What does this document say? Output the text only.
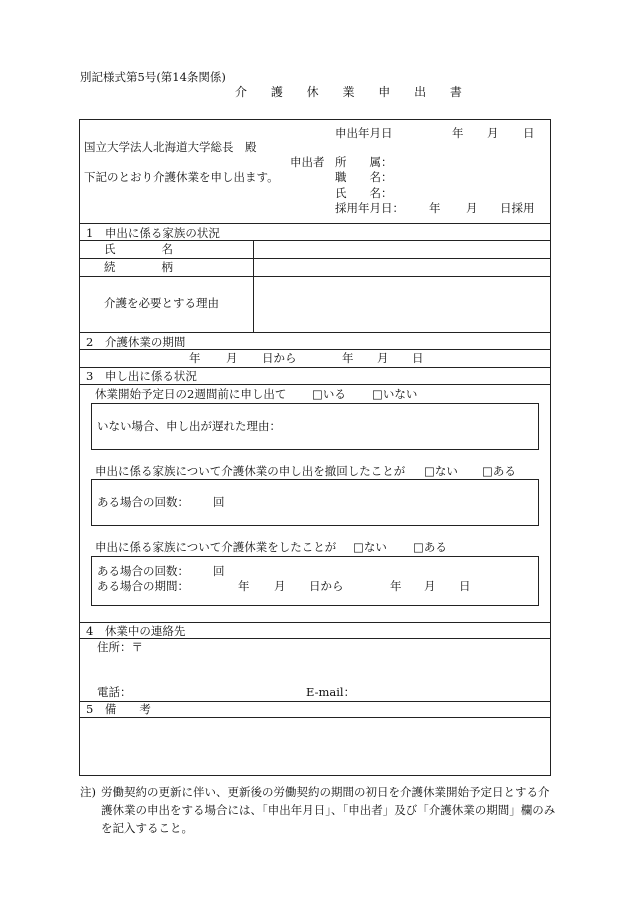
別記様式第5号(第14条関係)
介 護 休 業 申 出 書
申出年月日	年 月 日
国立大学法人北海道大学総長　殿
申出者 所　　属：
職　　名：
下記のとおり介護休業を申し出ます。
氏　　名：
採用年月日： 年 月 日採用
1　申出に係る家族の状況
氏　　　　名
続　　　　柄
介護を必要とする理由
2　介護休業の期間
年 月 日から	年 月 日
3　申し出に係る状況
休業開始予定日の2週間前に申し出て □いる □いない
いない場合、申し出が遅れた理由：
申出に係る家族について介護休業の申し出を撤回したことが □ない □ある
ある場合の回数： 回
申出に係る家族について介護休業をしたことが □ない □ある
ある場合の回数： 回
ある場合の期間：	年 月 日から	年 月 日
4　休業中の連絡先
住所：〒
電話：	E-mail：
5　備　　考
注) 労働契約の更新に伴い、更新後の労働契約の期間の初日を介護休業開始予定日とする介護休業の申出をする場合には、「申出年月日」、「申出者」及び「介護休業の期間」欄のみを記入すること。
